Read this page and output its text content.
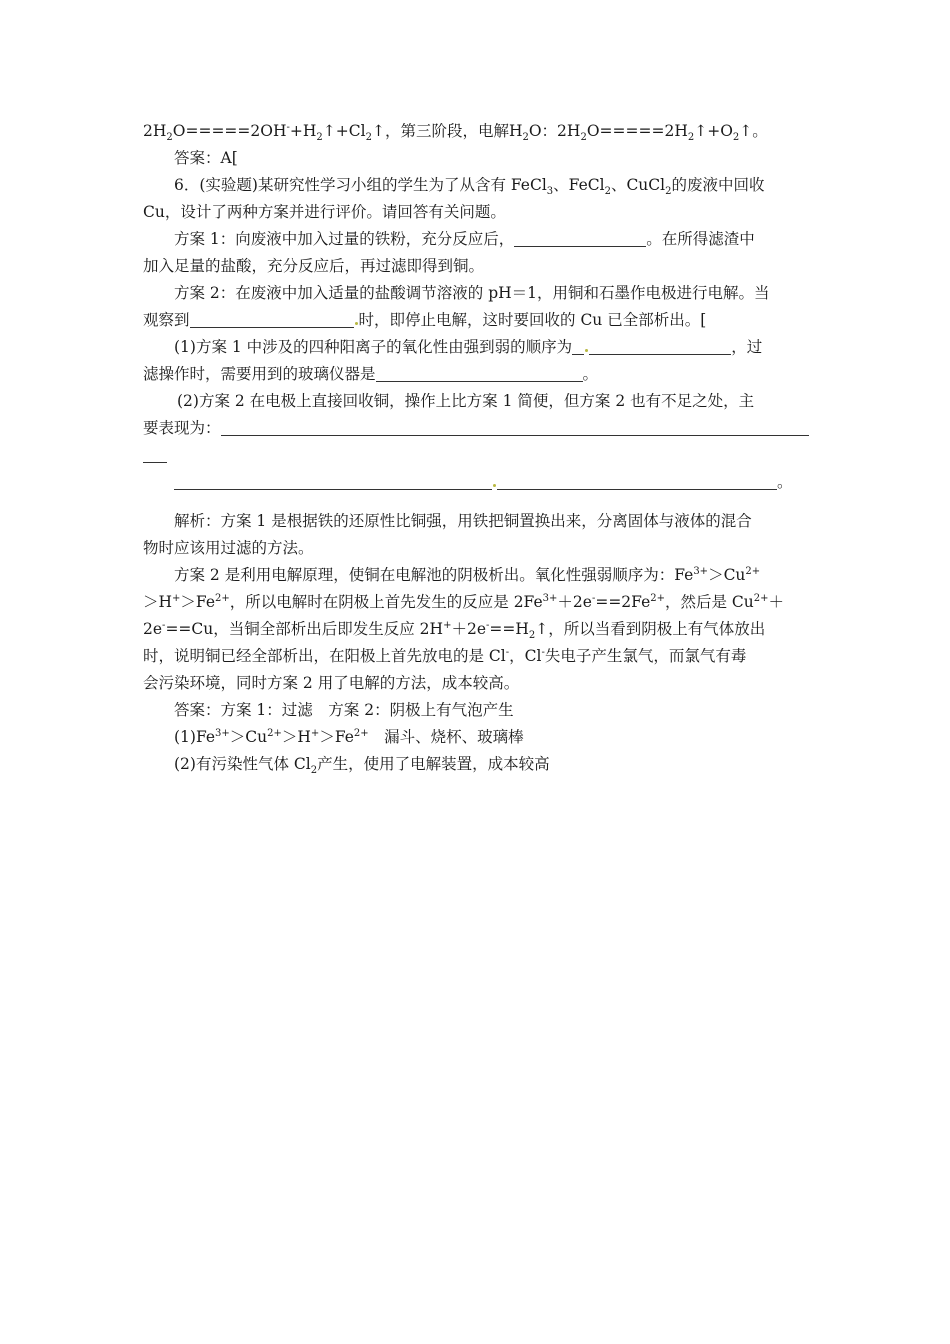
$2H_2O=====2OH^-+H_2↑+Cl_2↑$，第三阶段，电解$H_2O$：$2H_2O=====2H_2↑+O_2↑$。
答案：A[
6．(实验题)某研究性学习小组的学生为了从含有 FeCl$_3$、FeCl$_2$、CuCl$_2$的废液中回收
Cu，设计了两种方案并进行评价。请回答有关问题。
方案 1：向废液中加入过量的铁粉，充分反应后，	。在所得滤渣中
加入足量的盐酸，充分反应后，再过滤即得到铜。
方案 2：在废液中加入适量的盐酸调节溶液的 pH＝1，用铜和石墨作电极进行电解。当
观察到	时，即停止电解，这时要回收的 Cu 已全部析出。[
(1)方案 1 中涉及的四种阳离子的氧化性由强到弱的顺序为	，过
滤操作时，需要用到的玻璃仪器是	。
(2)方案 2 在电极上直接回收铜，操作上比方案 1 简便，但方案 2 也有不足之处，主
要表现为：
。
解析：方案 1 是根据铁的还原性比铜强，用铁把铜置换出来，分离固体与液体的混合
物时应该用过滤的方法。
方案 2 是利用电解原理，使铜在电解池的阴极析出。氧化性强弱顺序为：$Fe^{3+}>Cu^{2+}$
$>H^+>Fe^{2+}$，所以电解时在阴极上首先发生的反应是 $2Fe^{3+}+2e^-==2Fe^{2+}$，然后是 $Cu^{2+}+$
2e-==Cu，当铜全部析出后即发生反应 $2H^++2e^-==H_2↑$，所以当看到阴极上有气体放出
时，说明铜已经全部析出，在阳极上首先放电的是 Cl-，Cl-失电子产生氯气，而氯气有毒
会污染环境，同时方案 2 用了电解的方法，成本较高。
答案：方案 1：过滤　方案 2：阴极上有气泡产生
$(1)Fe^{3+}>Cu^{2+}>H^+>Fe^{2+}$　漏斗、烧杯、玻璃棒
(2)有污染性气体 $Cl_2$产生，使用了电解装置，成本较高
